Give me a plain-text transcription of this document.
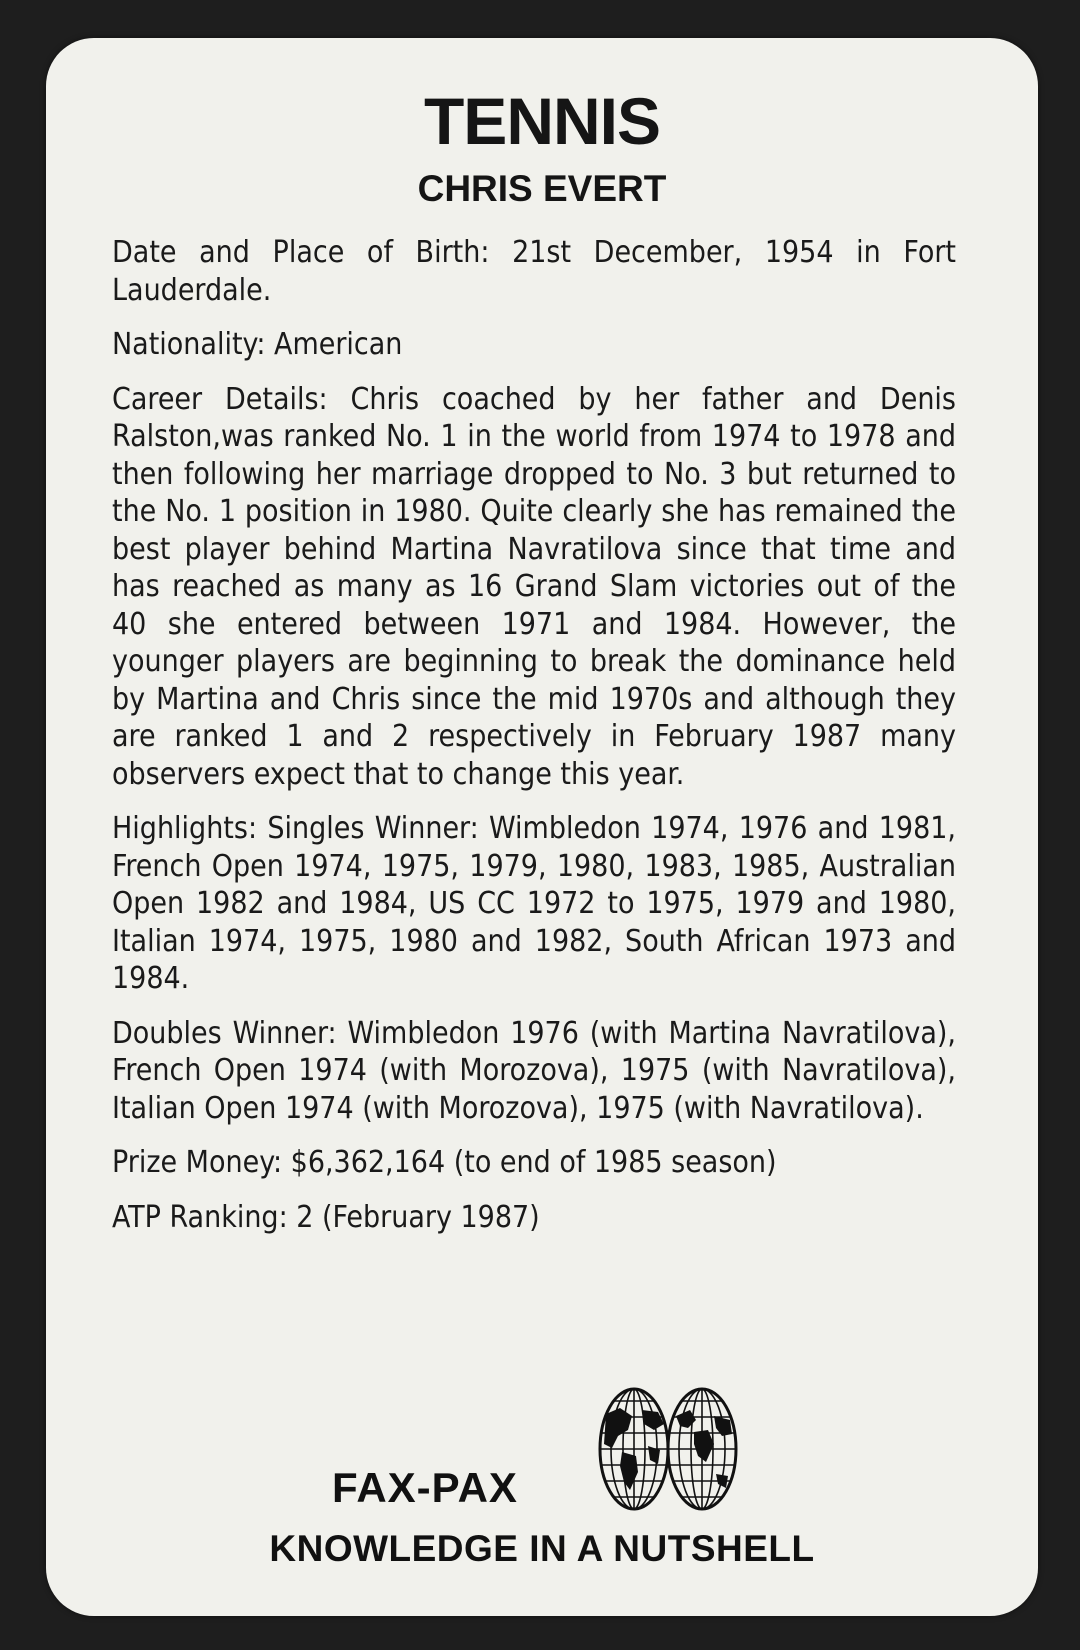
TENNIS
CHRIS EVERT

Date and Place of Birth: 21st December, 1954 in Fort Lauderdale.

Nationality: American

Career Details: Chris coached by her father and Denis Ralston,was ranked No. 1 in the world from 1974 to 1978 and then following her marriage dropped to No. 3 but returned to the No. 1 position in 1980. Quite clearly she has remained the best player behind Martina Navratilova since that time and has reached as many as 16 Grand Slam victories out of the 40 she entered between 1971 and 1984. However, the younger players are beginning to break the dominance held by Martina and Chris since the mid 1970s and although they are ranked 1 and 2 respectively in February 1987 many observers expect that to change this year.

Highlights: Singles Winner: Wimbledon 1974, 1976 and 1981, French Open 1974, 1975, 1979, 1980, 1983, 1985, Australian Open 1982 and 1984, US CC 1972 to 1975, 1979 and 1980, Italian 1974, 1975, 1980 and 1982, South African 1973 and 1984.

Doubles Winner: Wimbledon 1976 (with Martina Navratilova), French Open 1974 (with Morozova), 1975 (with Navratilova), Italian Open 1974 (with Morozova), 1975 (with Navratilova).

Prize Money: $6,362,164 (to end of 1985 season)

ATP Ranking: 2 (February 1987)

FAX-PAX
KNOWLEDGE IN A NUTSHELL
